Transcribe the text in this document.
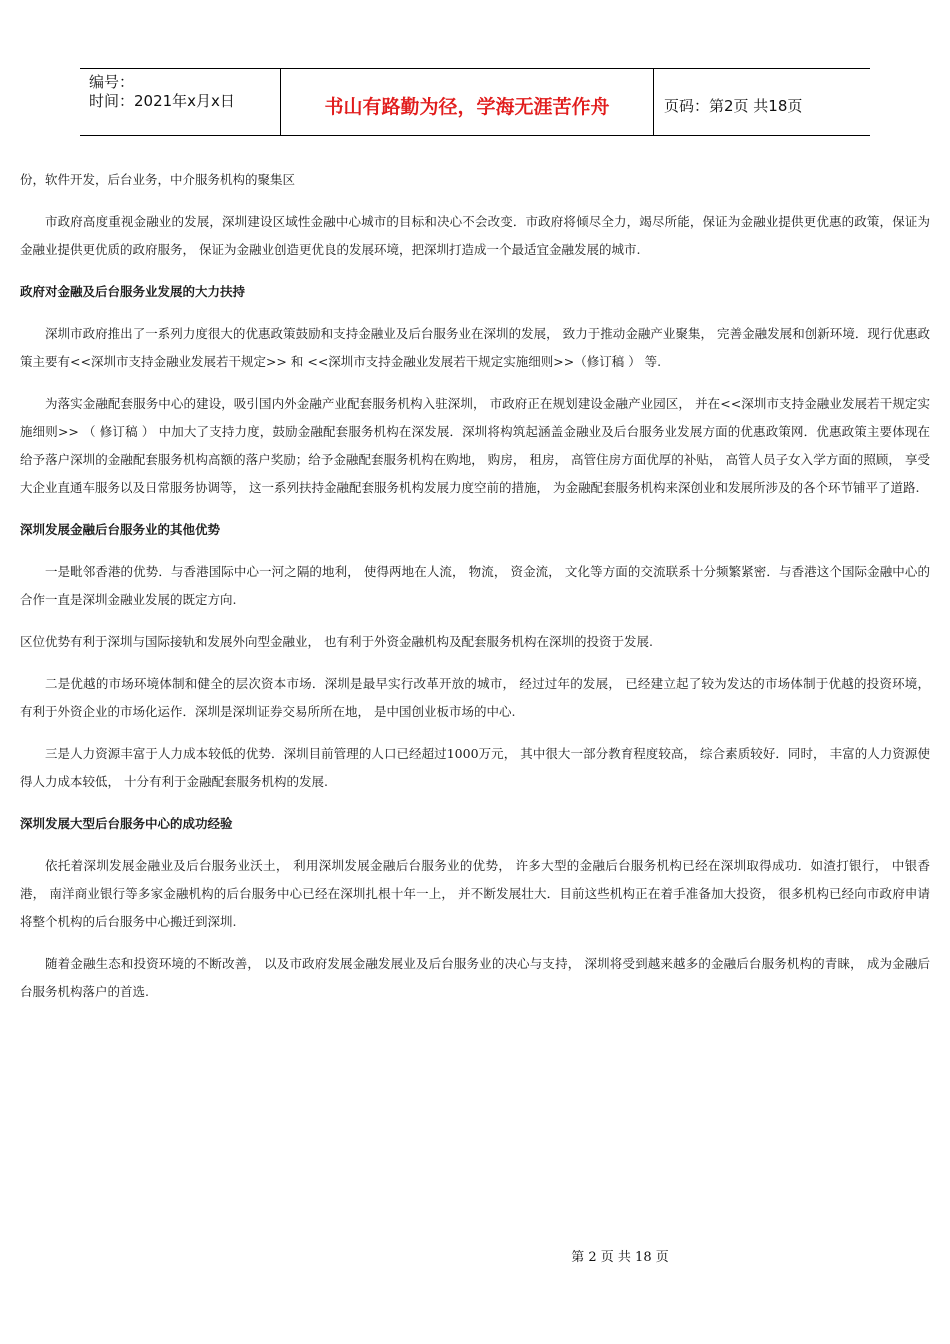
编号：
时间：2021年x月x日	书山有路勤为径，学海无涯苦作舟	页码：第2页 共18页

份，软件开发，后台业务，中介服务机构的聚集区

市政府高度重视金融业的发展，深圳建设区域性金融中心城市的目标和决心不会改变．市政府将倾尽全力，竭尽所能，保证为金融业提供更优惠的政策，保证为金融业提供更优质的政府服务， 保证为金融业创造更优良的发展环境，把深圳打造成一个最适宜金融发展的城市.

政府对金融及后台服务业发展的大力扶持

深圳市政府推出了一系列力度很大的优惠政策鼓励和支持金融业及后台服务业在深圳的发展， 致力于推动金融产业聚集， 完善金融发展和创新环境．现行优惠政策主要有<<深圳市支持金融业发展若干规定>> 和 <<深圳市支持金融业发展若干规定实施细则>>（修订稿 ） 等.

为落实金融配套服务中心的建设，吸引国内外金融产业配套服务机构入驻深圳， 市政府正在规划建设金融产业园区， 并在<<深圳市支持金融业发展若干规定实施细则>> （ 修订稿 ） 中加大了支持力度，鼓励金融配套服务机构在深发展．深圳将构筑起涵盖金融业及后台服务业发展方面的优惠政策网．优惠政策主要体现在给予落户深圳的金融配套服务机构高额的落户奖励；给予金融配套服务机构在购地， 购房， 租房， 高管住房方面优厚的补贴， 高管人员子女入学方面的照顾， 享受大企业直通车服务以及日常服务协调等， 这一系列扶持金融配套服务机构发展力度空前的措施， 为金融配套服务机构来深创业和发展所涉及的各个环节铺平了道路.

深圳发展金融后台服务业的其他优势

一是毗邻香港的优势．与香港国际中心一河之隔的地利， 使得两地在人流， 物流， 资金流， 文化等方面的交流联系十分频繁紧密．与香港这个国际金融中心的合作一直是深圳金融业发展的既定方向.

区位优势有利于深圳与国际接轨和发展外向型金融业， 也有利于外资金融机构及配套服务机构在深圳的投资于发展.

二是优越的市场环境体制和健全的层次资本市场．深圳是最早实行改革开放的城市， 经过过年的发展， 已经建立起了较为发达的市场体制于优越的投资环境， 有利于外资企业的市场化运作．深圳是深圳证券交易所所在地， 是中国创业板市场的中心.

三是人力资源丰富于人力成本较低的优势．深圳目前管理的人口已经超过1000万元， 其中很大一部分教育程度较高， 综合素质较好．同时， 丰富的人力资源使得人力成本较低， 十分有利于金融配套服务机构的发展.

深圳发展大型后台服务中心的成功经验

依托着深圳发展金融业及后台服务业沃土， 利用深圳发展金融后台服务业的优势， 许多大型的金融后台服务机构已经在深圳取得成功．如渣打银行， 中银香港， 南洋商业银行等多家金融机构的后台服务中心已经在深圳扎根十年一上， 并不断发展壮大．目前这些机构正在着手准备加大投资， 很多机构已经向市政府申请将整个机构的后台服务中心搬迁到深圳.

随着金融生态和投资环境的不断改善， 以及市政府发展金融发展业及后台服务业的决心与支持， 深圳将受到越来越多的金融后台服务机构的青睐， 成为金融后台服务机构落户的首选.

第 2 页 共 18 页
